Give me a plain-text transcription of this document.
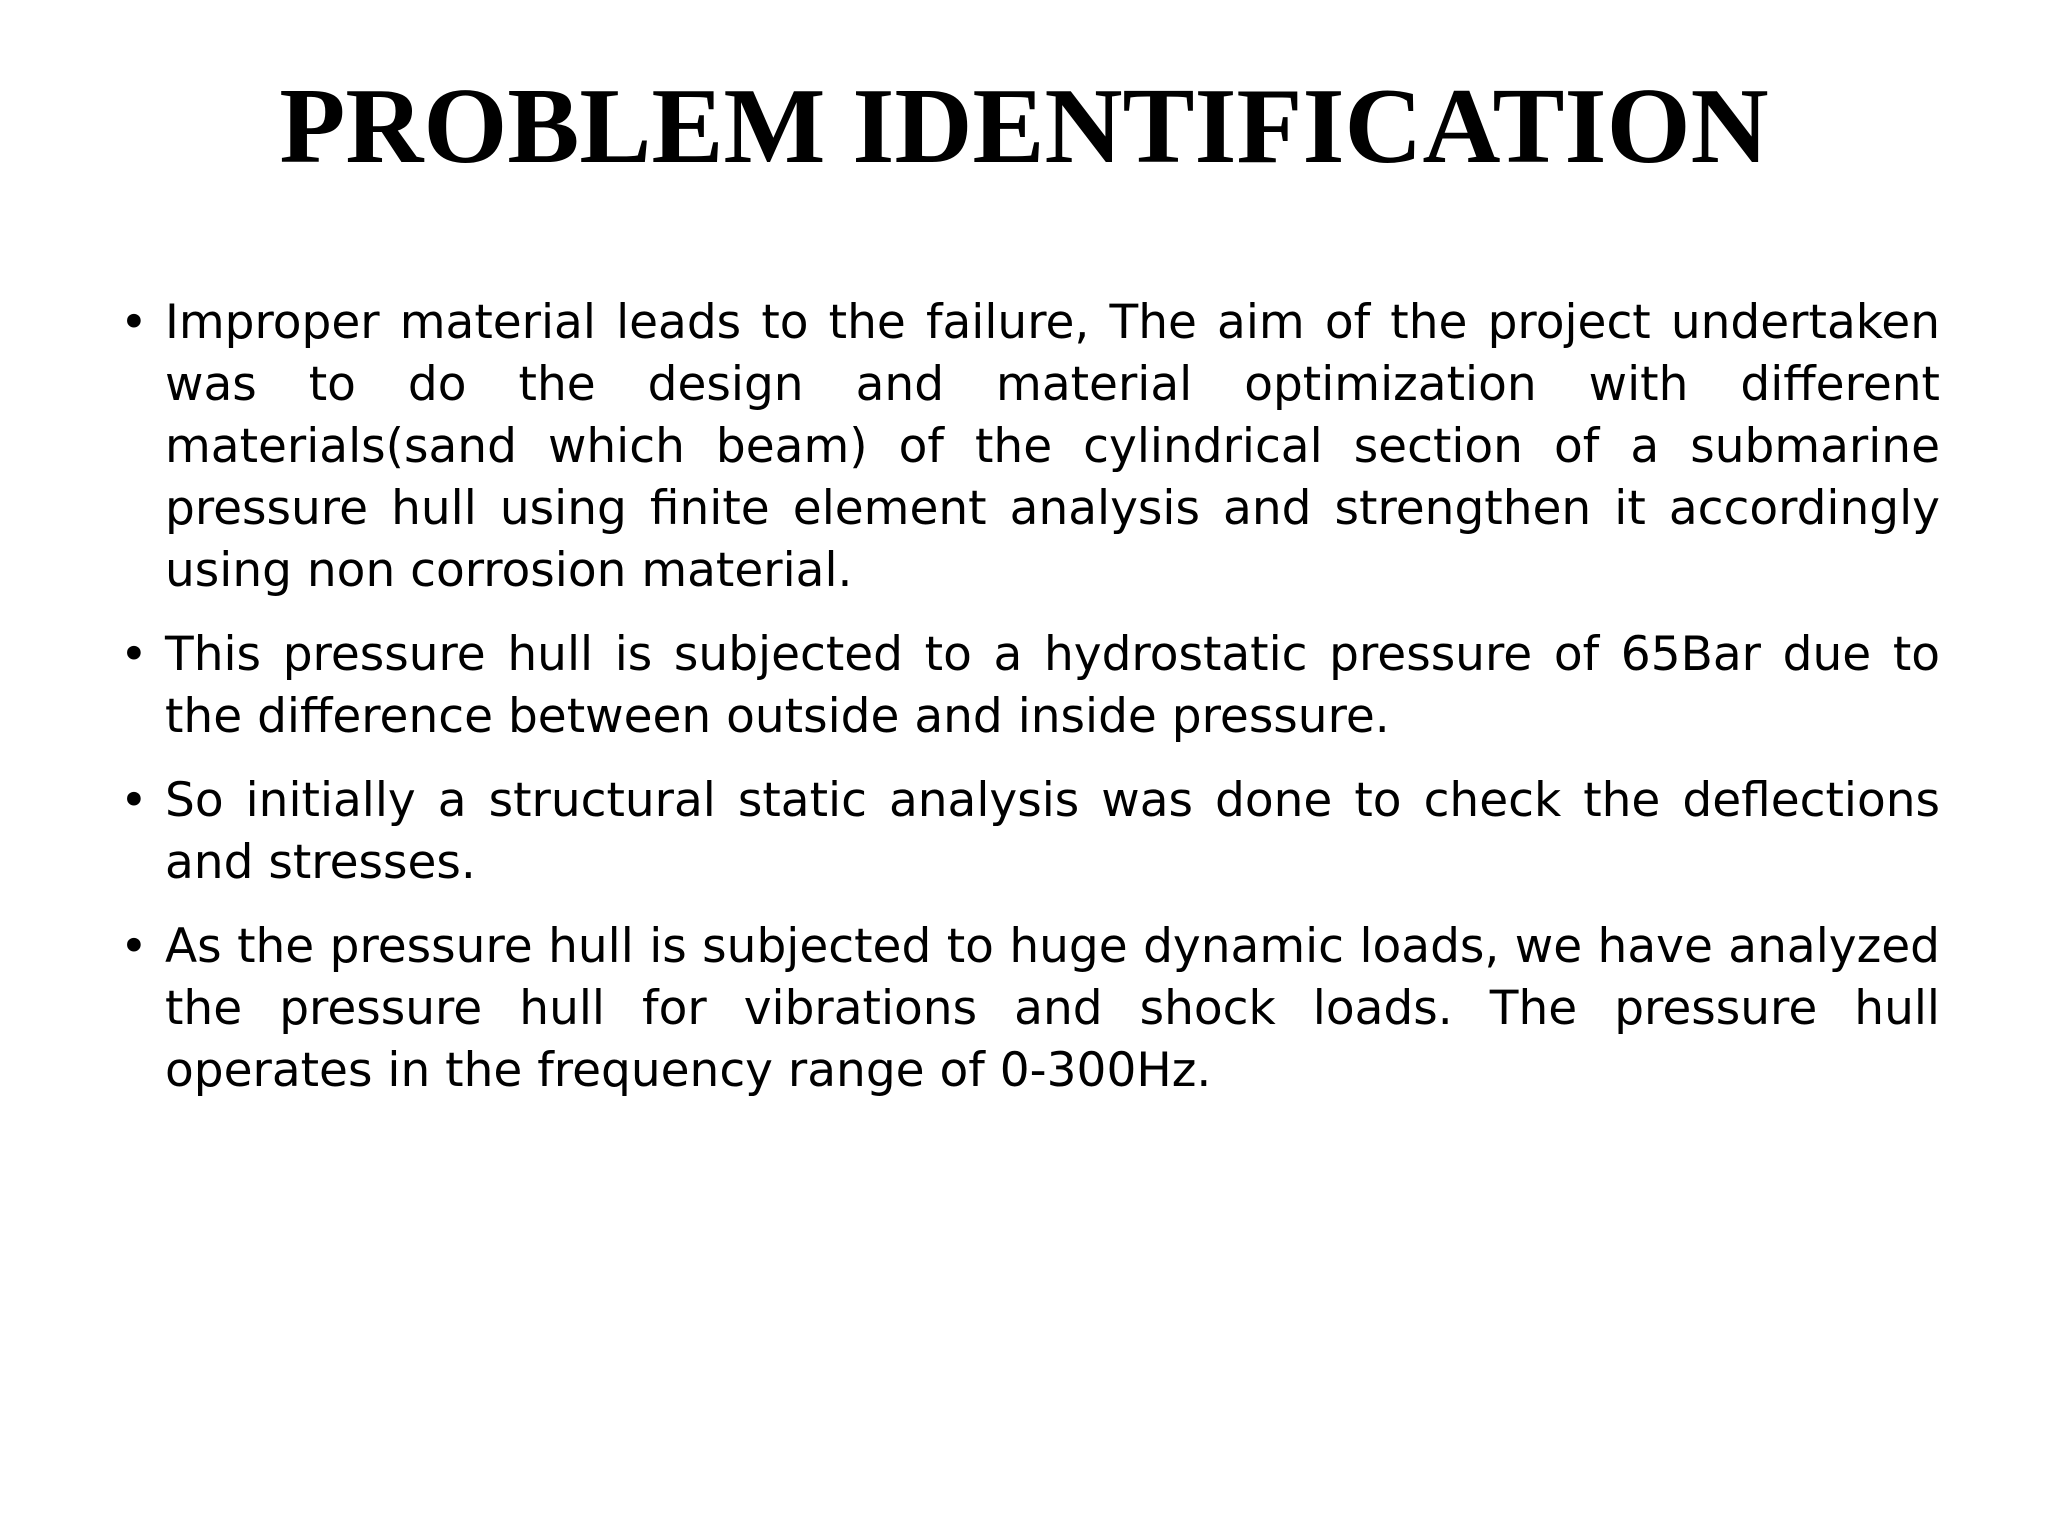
PROBLEM IDENTIFICATION
• Improper material leads to the failure, The aim of the project undertaken was to do the design and material optimization with different materials(sand which beam) of the cylindrical section of a submarine pressure hull using finite element analysis and strengthen it accordingly using non corrosion material.
• This pressure hull is subjected to a hydrostatic pressure of 65Bar due to the difference between outside and inside pressure.
• So initially a structural static analysis was done to check the deflections and stresses.
• As the pressure hull is subjected to huge dynamic loads, we have analyzed the pressure hull for vibrations and shock loads. The pressure hull operates in the frequency range of 0-300Hz.
